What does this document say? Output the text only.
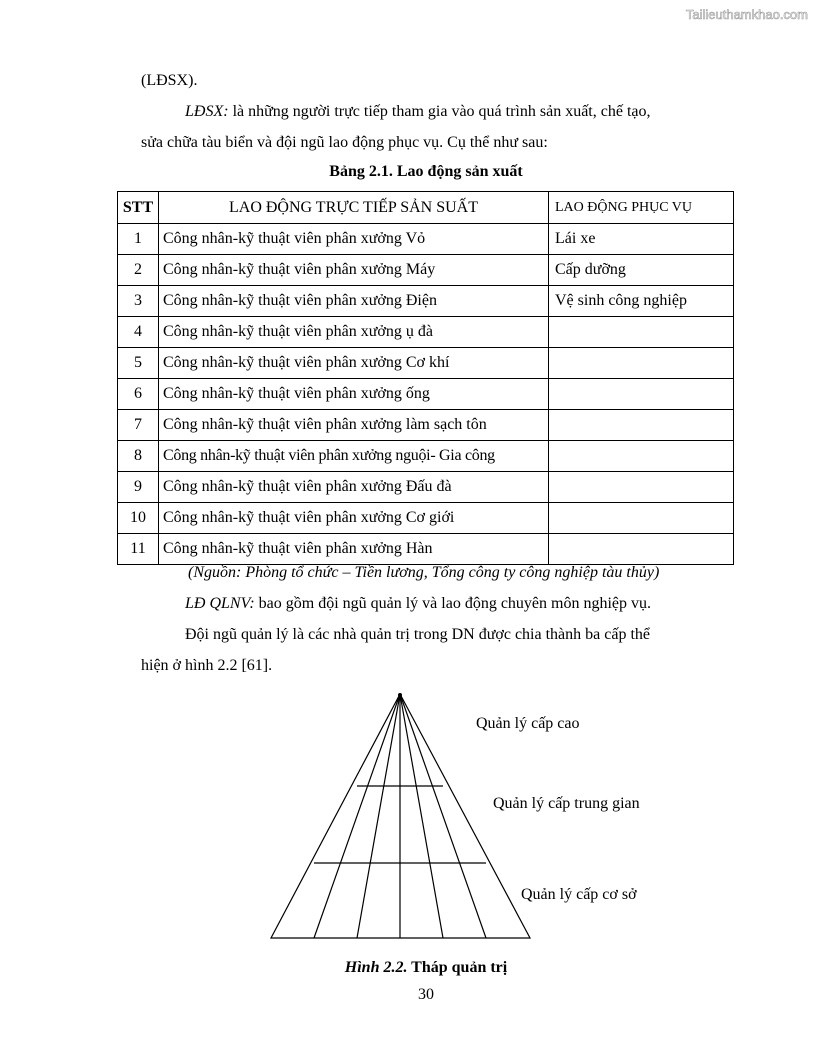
Tailieuthamkhao.com
(LĐSX).
LĐSX: là những người trực tiếp tham gia vào quá trình sản xuất, chế tạo,
sửa chữa tàu biển và đội ngũ lao động phục vụ. Cụ thể như sau:
Bảng 2.1. Lao động sản xuất
STT	LAO ĐỘNG TRỰC TIẾP SẢN SUẤT	LAO ĐỘNG PHỤC VỤ
1	Công nhân-kỹ thuật viên phân xưởng Vỏ	Lái xe
2	Công nhân-kỹ thuật viên phân xưởng Máy	Cấp dưỡng
3	Công nhân-kỹ thuật viên phân xưởng Điện	Vệ sinh công nghiệp
4	Công nhân-kỹ thuật viên phân xưởng ụ đà	
5	Công nhân-kỹ thuật viên phân xưởng Cơ khí	
6	Công nhân-kỹ thuật viên phân xưởng ống	
7	Công nhân-kỹ thuật viên phân xưởng làm sạch tôn	
8	Công nhân-kỹ thuật viên phân xưởng nguội- Gia công	
9	Công nhân-kỹ thuật viên phân xưởng Đấu đà	
10	Công nhân-kỹ thuật viên phân xưởng Cơ giới	
11	Công nhân-kỹ thuật viên phân xưởng Hàn	
(Nguồn: Phòng tổ chức – Tiền lương, Tổng công ty công nghiệp tàu thủy)
LĐ QLNV: bao gồm đội ngũ quản lý và lao động chuyên môn nghiệp vụ.
Đội ngũ quản lý là các nhà quản trị trong DN được chia thành ba cấp thể
hiện ở hình 2.2 [61].
Quản lý cấp cao
Quản lý cấp trung gian
Quản lý cấp cơ sở
Hình 2.2. Tháp quản trị
30
